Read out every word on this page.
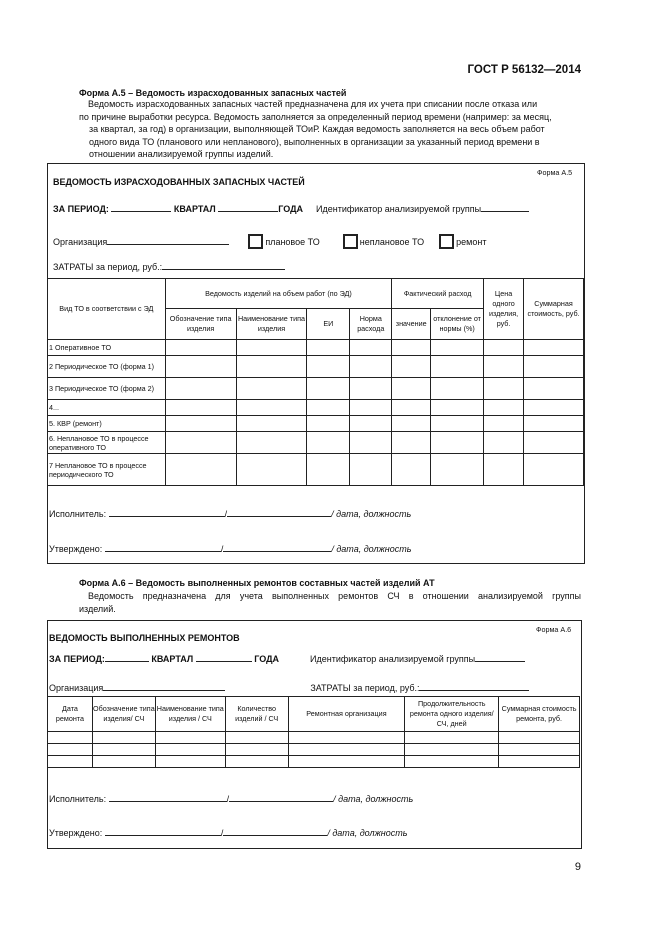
ГОСТ Р 56132—2014
Форма А.5 – Ведомость израсходованных запасных частей
Ведомость израсходованных запасных частей предназначена для их учета при списании после отказа или
по причине выработки ресурса. Ведомость заполняется за определенный период времени (например: за месяц,
за квартал, за год) в организации, выполняющей ТОиР. Каждая ведомость заполняется на весь объем работ
одного вида ТО (планового или непланового), выполненных в организации за указанный период времени в
отношении анализируемой группы изделий.
Форма А.5
ВЕДОМОСТЬ ИЗРАСХОДОВАННЫХ ЗАПАСНЫХ ЧАСТЕЙ
ЗА ПЕРИОД:	КВАРТАЛ	ГОДА Идентификатор анализируемой группы
Организация	плановое ТО	неплановое ТО	ремонт
ЗАТРАТЫ за период, руб.:
Вид ТО в соответствии с ЭД	Ведомость изделий на объем работ (по ЭД)				Фактический расход		Цена одного изделия, руб.	Суммарная стоимость, руб.
	Обозначение типа изделия	Наименование типа изделия	ЕИ	Норма расхода	значение	отклонение от нормы (%)		
1 Оперативное ТО								
2 Периодическое ТО (форма 1)								
3 Периодическое ТО (форма 2)								
4...								
5. КВР (ремонт)								
6. Неплановое ТО в процессе оперативного ТО								
7 Неплановое ТО в процессе периодического ТО								
Исполнитель:	/	/ дата, должность
Утверждено:	/	/ дата, должность
Форма А.6 – Ведомость выполненных ремонтов составных частей изделий АТ
Ведомость предназначена для учета выполненных ремонтов СЧ в отношении анализируемой группы
изделий.
Форма А.6
ВЕДОМОСТЬ ВЫПОЛНЕННЫХ РЕМОНТОВ
ЗА ПЕРИОД:	КВАРТАЛ	ГОДА	Идентификатор анализируемой группы
Организация	ЗАТРАТЫ за период, руб.:
Дата ремонта	Обозначение типа изделия/ СЧ	Наименование типа изделия / СЧ	Количество изделий / СЧ	Ремонтная организация	Продолжительность ремонта одного изделия/СЧ, дней	Суммарная стоимость ремонта, руб.

Исполнитель:	/	/ дата, должность
Утверждено:	/	/ дата, должность
9
